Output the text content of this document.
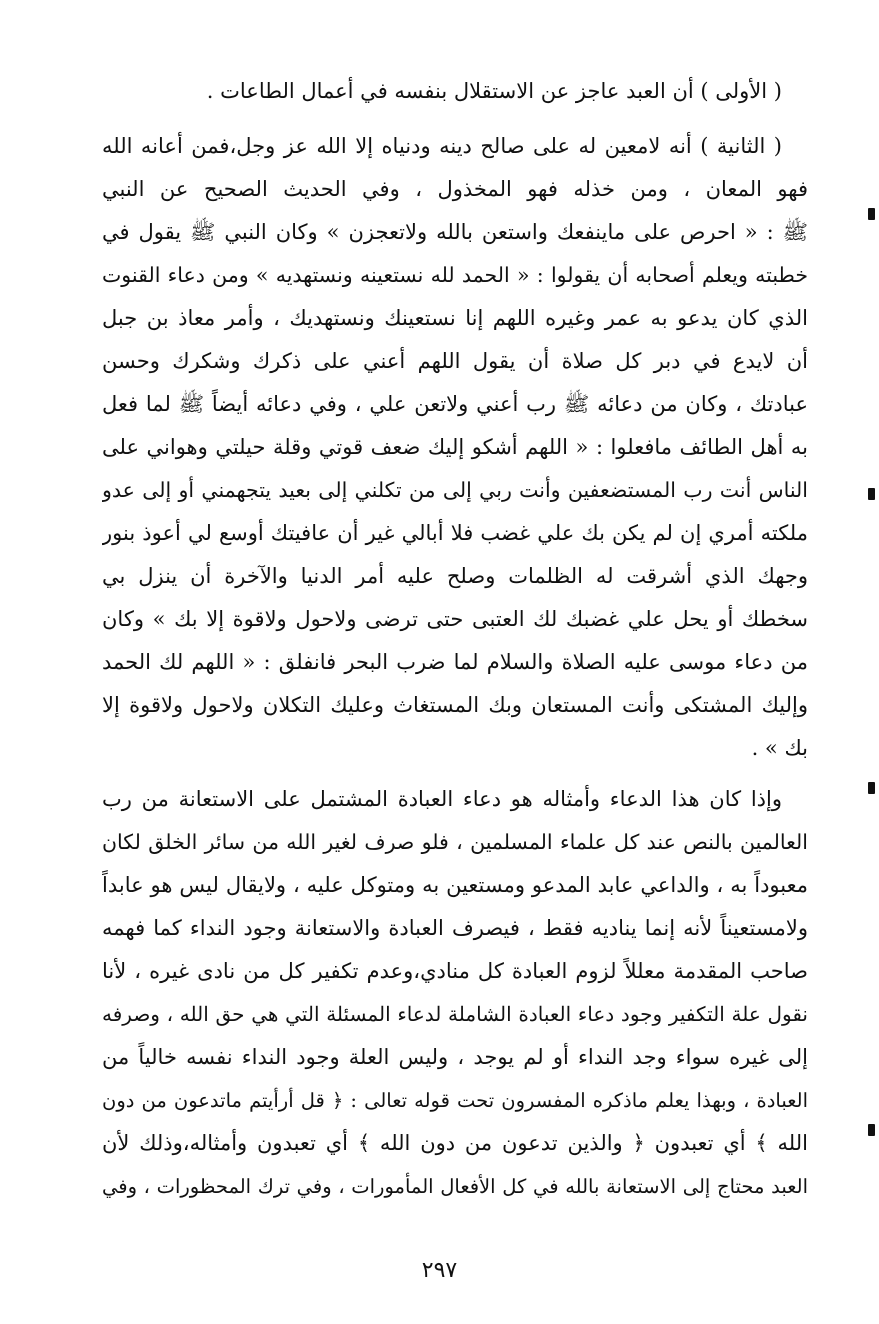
( الأولى ) أن العبد عاجز عن الاستقلال بنفسه في أعمال الطاعات .
( الثانية ) أنه لامعين له على صالح دينه ودنياه إلا الله عز وجل،فمن أعانه الله
فهو المعان ، ومن خذله فهو المخذول ، وفي الحديث الصحيح عن النبي
ﷺ : « احرص على ماينفعك واستعن بالله ولاتعجزن » وكان النبي ﷺ يقول في
خطبته ويعلم أصحابه أن يقولوا : « الحمد لله نستعينه ونستهديه » ومن دعاء القنوت
الذي كان يدعو به عمر وغيره اللهم إنا نستعينك ونستهديك ، وأمر معاذ بن جبل
أن لايدع في دبر كل صلاة أن يقول اللهم أعني على ذكرك وشكرك وحسن
عبادتك ، وكان من دعائه ﷺ رب أعني ولاتعن علي ، وفي دعائه أيضاً ﷺ لما فعل
به أهل الطائف مافعلوا : « اللهم أشكو إليك ضعف قوتي وقلة حيلتي وهواني على
الناس أنت رب المستضعفين وأنت ربي إلى من تكلني إلى بعيد يتجهمني أو إلى عدو
ملكته أمري إن لم يكن بك علي غضب فلا أبالي غير أن عافيتك أوسع لي أعوذ بنور
وجهك الذي أشرقت له الظلمات وصلح عليه أمر الدنيا والآخرة أن ينزل بي
سخطك أو يحل علي غضبك لك العتبى حتى ترضى ولاحول ولاقوة إلا بك » وكان
من دعاء موسى عليه الصلاة والسلام لما ضرب البحر فانفلق : « اللهم لك الحمد
وإليك المشتكى وأنت المستعان وبك المستغاث وعليك التكلان ولاحول ولاقوة إلا
بك » .
وإذا كان هذا الدعاء وأمثاله هو دعاء العبادة المشتمل على الاستعانة من رب
العالمين بالنص عند كل علماء المسلمين ، فلو صرف لغير الله من سائر الخلق لكان
معبوداً به ، والداعي عابد المدعو ومستعين به ومتوكل عليه ، ولايقال ليس هو عابداً
ولامستعيناً لأنه إنما يناديه فقط ، فيصرف العبادة والاستعانة وجود النداء كما فهمه
صاحب المقدمة معللاً لزوم العبادة كل منادي،وعدم تكفير كل من نادى غيره ، لأنا
نقول علة التكفير وجود دعاء العبادة الشاملة لدعاء المسئلة التي هي حق الله ، وصرفه
إلى غيره سواء وجد النداء أو لم يوجد ، وليس العلة وجود النداء نفسه خالياً من
العبادة ، وبهذا يعلم ماذكره المفسرون تحت قوله تعالى : ﴿ قل أرأيتم ماتدعون من دون
الله ﴾ أي تعبدون ﴿ والذين تدعون من دون الله ﴾ أي تعبدون وأمثاله،وذلك لأن
العبد محتاج إلى الاستعانة بالله في كل الأفعال المأمورات ، وفي ترك المحظورات ، وفي
٢٩٧
